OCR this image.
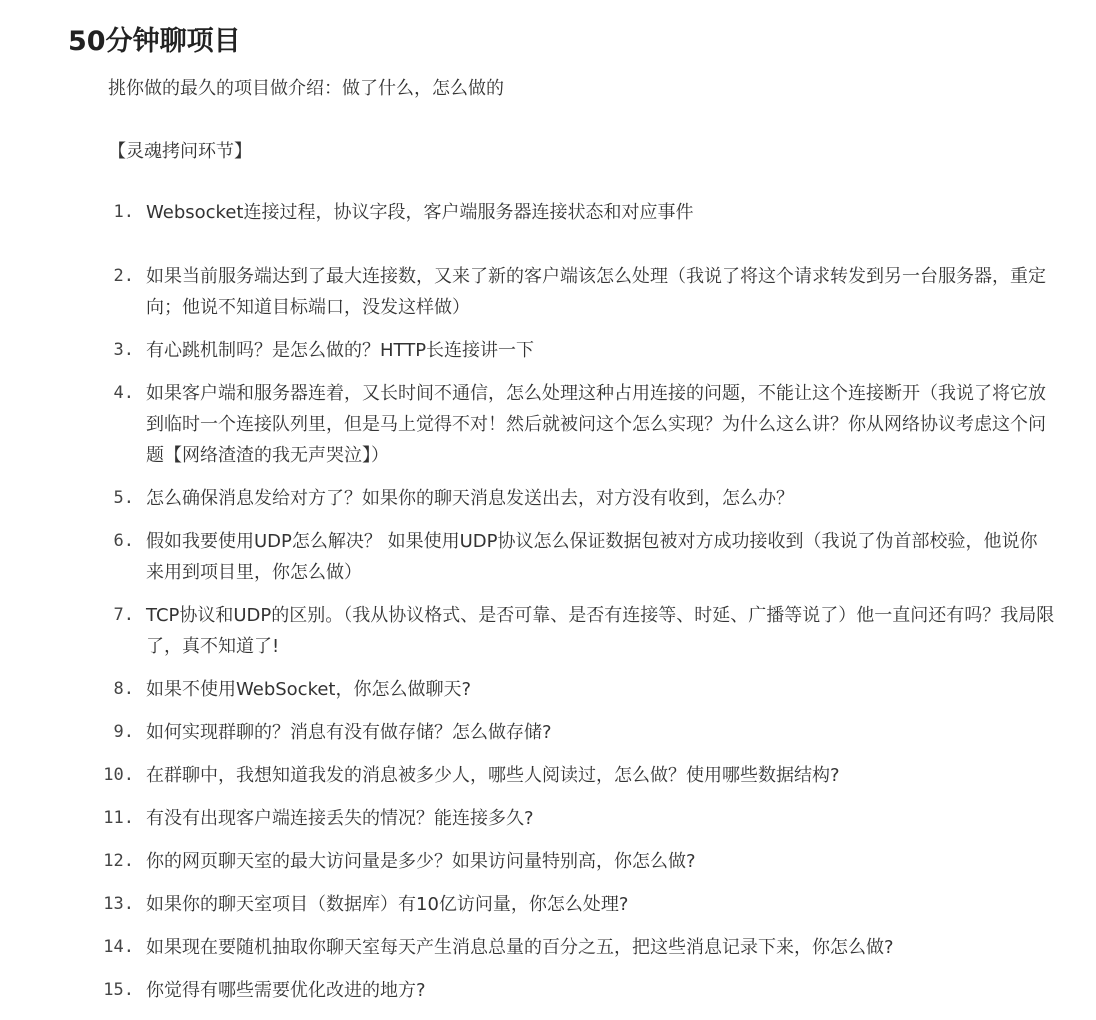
50分钟聊项目
挑你做的最久的项目做介绍：做了什么，怎么做的
【灵魂拷问环节】
1. Websocket连接过程，协议字段，客户端服务器连接状态和对应事件
2. 如果当前服务端达到了最大连接数，又来了新的客户端该怎么处理（我说了将这个请求转发到另一台服务器，重定向；他说不知道目标端口，没发这样做）
3. 有心跳机制吗？是怎么做的？HTTP长连接讲一下
4. 如果客户端和服务器连着，又长时间不通信，怎么处理这种占用连接的问题，不能让这个连接断开（我说了将它放到临时一个连接队列里，但是马上觉得不对！然后就被问这个怎么实现？为什么这么讲？你从网络协议考虑这个问题【网络渣渣的我无声哭泣】）
5. 怎么确保消息发给对方了？如果你的聊天消息发送出去，对方没有收到，怎么办？
6. 假如我要使用UDP怎么解决？ 如果使用UDP协议怎么保证数据包被对方成功接收到（我说了伪首部校验，他说你来用到项目里，你怎么做）
7. TCP协议和UDP的区别。（我从协议格式、是否可靠、是否有连接等、时延、广播等说了）他一直问还有吗？我局限了，真不知道了!
8. 如果不使用WebSocket，你怎么做聊天?
9. 如何实现群聊的？消息有没有做存储？怎么做存储?
10. 在群聊中，我想知道我发的消息被多少人，哪些人阅读过，怎么做？使用哪些数据结构?
11. 有没有出现客户端连接丢失的情况？能连接多久?
12. 你的网页聊天室的最大访问量是多少？如果访问量特别高，你怎么做?
13. 如果你的聊天室项目（数据库）有10亿访问量，你怎么处理?
14. 如果现在要随机抽取你聊天室每天产生消息总量的百分之五，把这些消息记录下来，你怎么做?
15. 你觉得有哪些需要优化改进的地方?
